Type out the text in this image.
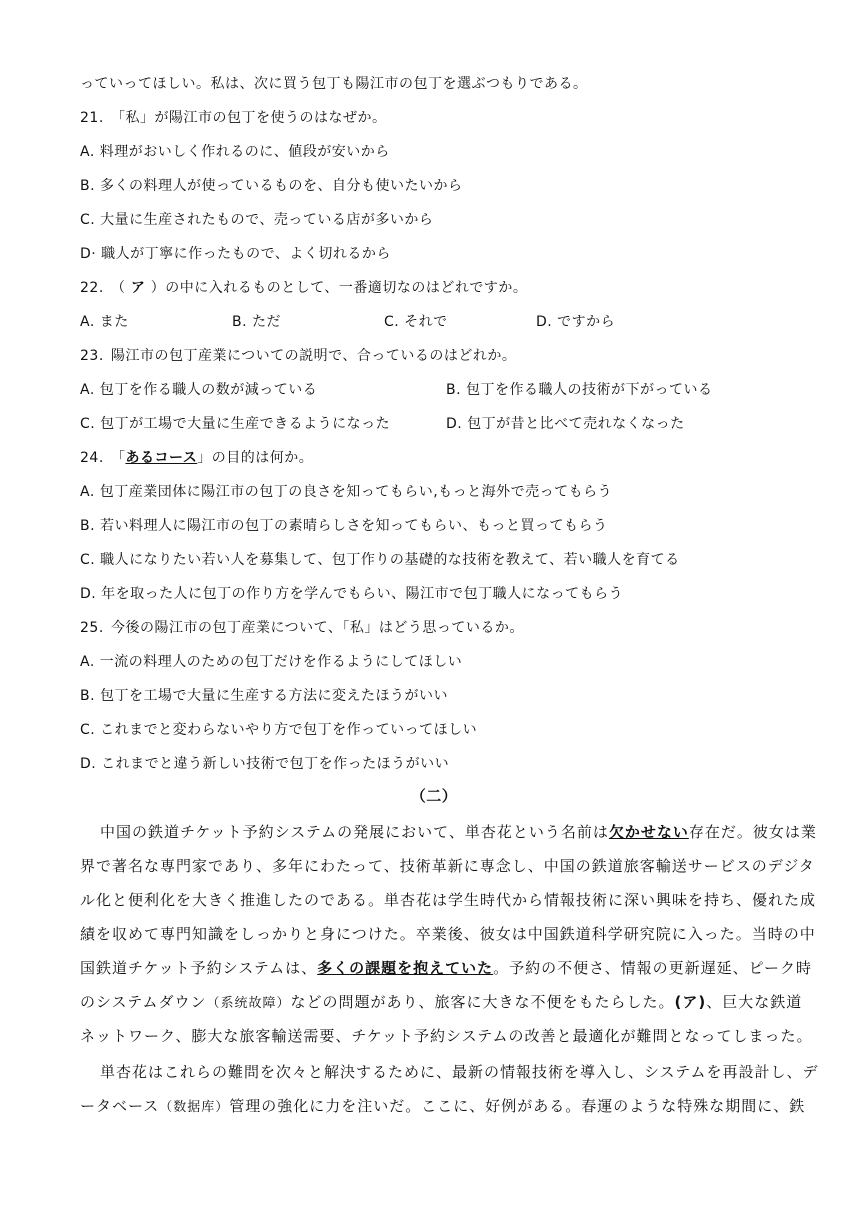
っていってほしい。私は、次に買う包丁も陽江市の包丁を選ぶつもりである。
21. 「私」が陽江市の包丁を使うのはなぜか。
A. 料理がおいしく作れるのに、値段が安いから
B. 多くの料理人が使っているものを、自分も使いたいから
C. 大量に生産されたもので、売っている店が多いから
D· 職人が丁寧に作ったもので、よく切れるから
22. （ ア ）の中に入れるものとして、一番適切なのはどれですか。
A. また	B. ただ	C. それで	D. ですから
23. 陽江市の包丁産業についての説明で、合っているのはどれか。
A. 包丁を作る職人の数が減っている	B. 包丁を作る職人の技術が下がっている
C. 包丁が工場で大量に生産できるようになった	D. 包丁が昔と比べて売れなくなった
24. 「あるコース」の目的は何か。
A. 包丁産業団体に陽江市の包丁の良さを知ってもらい,もっと海外で売ってもらう
B. 若い料理人に陽江市の包丁の素晴らしさを知ってもらい、もっと買ってもらう
C. 職人になりたい若い人を募集して、包丁作りの基礎的な技術を教えて、若い職人を育てる
D. 年を取った人に包丁の作り方を学んでもらい、陽江市で包丁職人になってもらう
25. 今後の陽江市の包丁産業について、「私」はどう思っているか。
A. 一流の料理人のための包丁だけを作るようにしてほしい
B. 包丁を工場で大量に生産する方法に変えたほうがいい
C. これまでと変わらないやり方で包丁を作っていってほしい
D. これまでと違う新しい技術で包丁を作ったほうがいい
（二）
中国の鉄道チケット予約システムの発展において、単杏花という名前は欠かせない存在だ。彼女は業
界で著名な専門家であり、多年にわたって、技術革新に専念し、中国の鉄道旅客輸送サービスのデジタ
ル化と便利化を大きく推進したのである。単杏花は学生時代から情報技術に深い興味を持ち、優れた成
績を収めて専門知識をしっかりと身につけた。卒業後、彼女は中国鉄道科学研究院に入った。当時の中
国鉄道チケット予約システムは、多くの課題を抱えていた。予約の不便さ、情報の更新遅延、ピーク時
のシステムダウン（系统故障）などの問題があり、旅客に大きな不便をもたらした。(ア)、巨大な鉄道
ネットワーク、膨大な旅客輸送需要、チケット予約システムの改善と最適化が難問となってしまった。
単杏花はこれらの難問を次々と解決するために、最新の情報技術を導入し、システムを再設計し、デ
ータベース（数据库）管理の強化に力を注いだ。ここに、好例がある。春運のような特殊な期間に、鉄
